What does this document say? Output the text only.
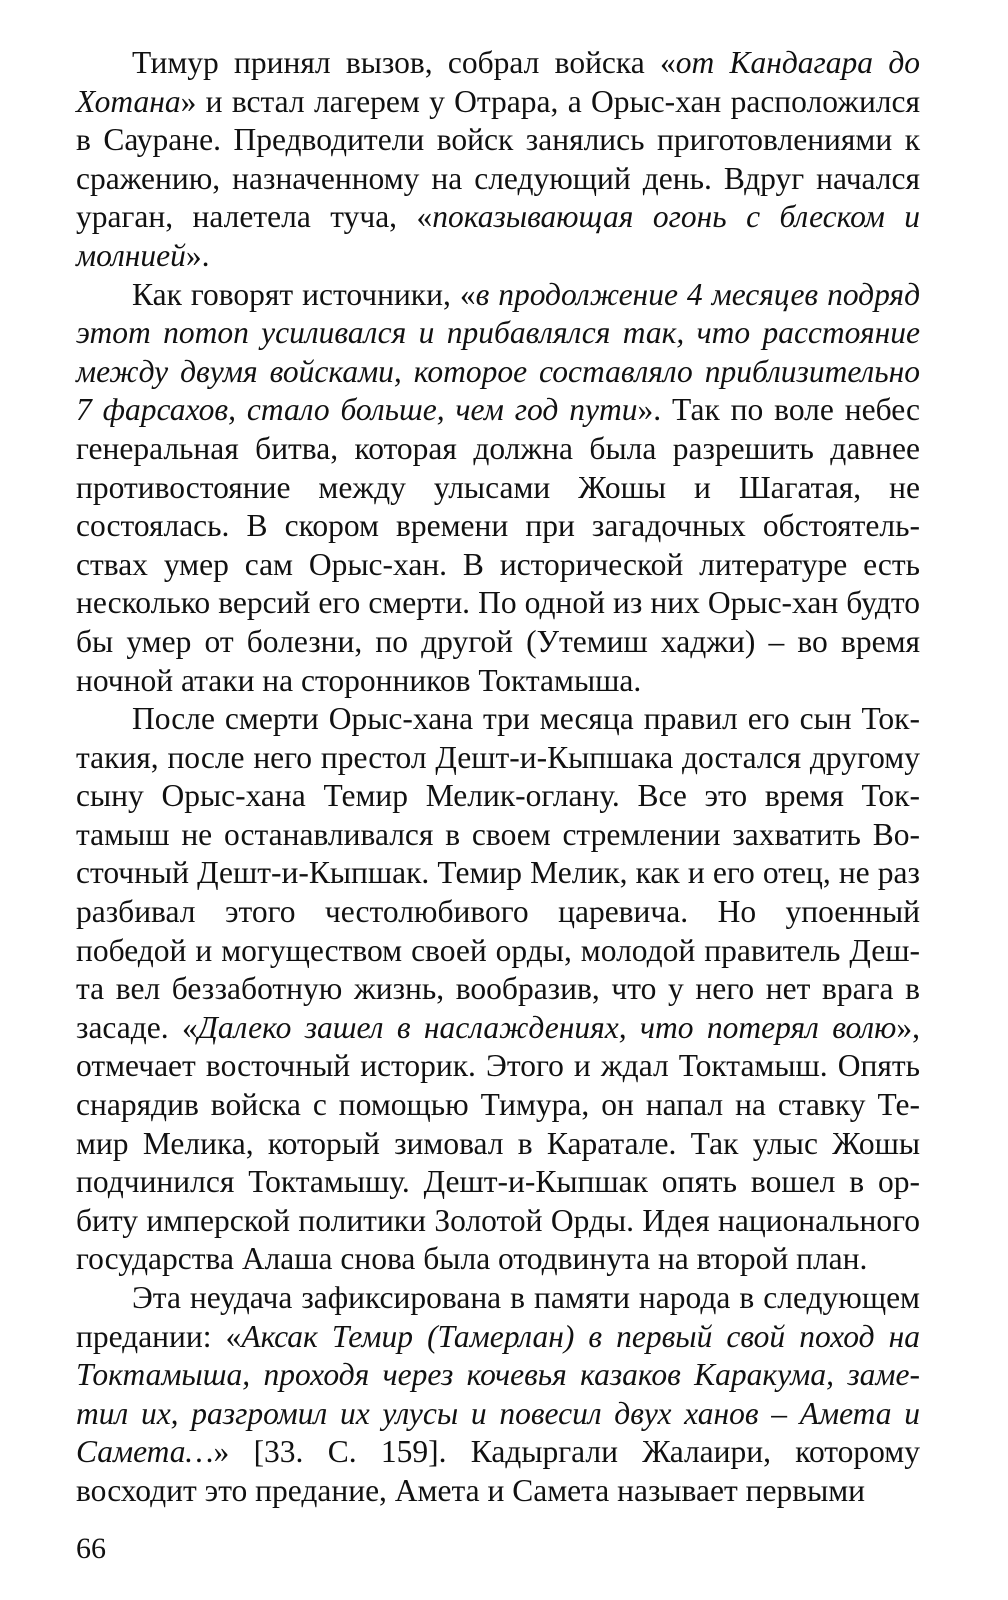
Тимур принял вызов, собрал войска «от Кандагара до Хотана» и встал лагерем у Отрара, а Орыс-хан расположился в Сауране. Предводители войск занялись приготовлениями к сражению, назначенному на следующий день. Вдруг начался ураган, налетела туча, «показывающая огонь с блеском и молнией».

Как говорят источники, «в продолжение 4 месяцев подряд этот потоп усиливался и прибавлялся так, что расстояние между двумя войсками, которое составляло приблизительно 7 фарсахов, стало больше, чем год пути». Так по воле небес генеральная битва, которая должна была разрешить давнее противостояние между улысами Жошы и Шагатая, не состоялась. В скором времени при загадочных обстоятельствах умер сам Орыс-хан. В исторической литературе есть несколько версий его смерти. По одной из них Орыс-хан будто бы умер от болезни, по другой (Утемиш хаджи) – во время ночной атаки на сторонников Токтамыша.

После смерти Орыс-хана три месяца правил его сын Токтакия, после него престол Дешт-и-Кыпшака достался другому сыну Орыс-хана Темир Мелик-оглану. Все это время Токтамыш не останавливался в своем стремлении захватить Восточный Дешт-и-Кыпшак. Темир Мелик, как и его отец, не раз разбивал этого честолюбивого царевича. Но упоенный победой и могуществом своей орды, молодой правитель Дешта вел беззаботную жизнь, вообразив, что у него нет врага в засаде. «Далеко зашел в наслаждениях, что потерял волю», отмечает восточный историк. Этого и ждал Токтамыш. Опять снарядив войска с помощью Тимура, он напал на ставку Темир Мелика, который зимовал в Каратале. Так улыс Жошы подчинился Токтамышу. Дешт-и-Кыпшак опять вошел в орбиту имперской политики Золотой Орды. Идея национального государства Алаша снова была отодвинута на второй план.

Эта неудача зафиксирована в памяти народа в следующем предании: «Аксак Темир (Тамерлан) в первый свой поход на Токтамыша, проходя через кочевья казаков Каракума, заметил их, разгромил их улусы и повесил двух ханов – Амета и Самета…» [33. С. 159]. Кадыргали Жалаири, которому восходит это предание, Амета и Самета называет первыми

66
